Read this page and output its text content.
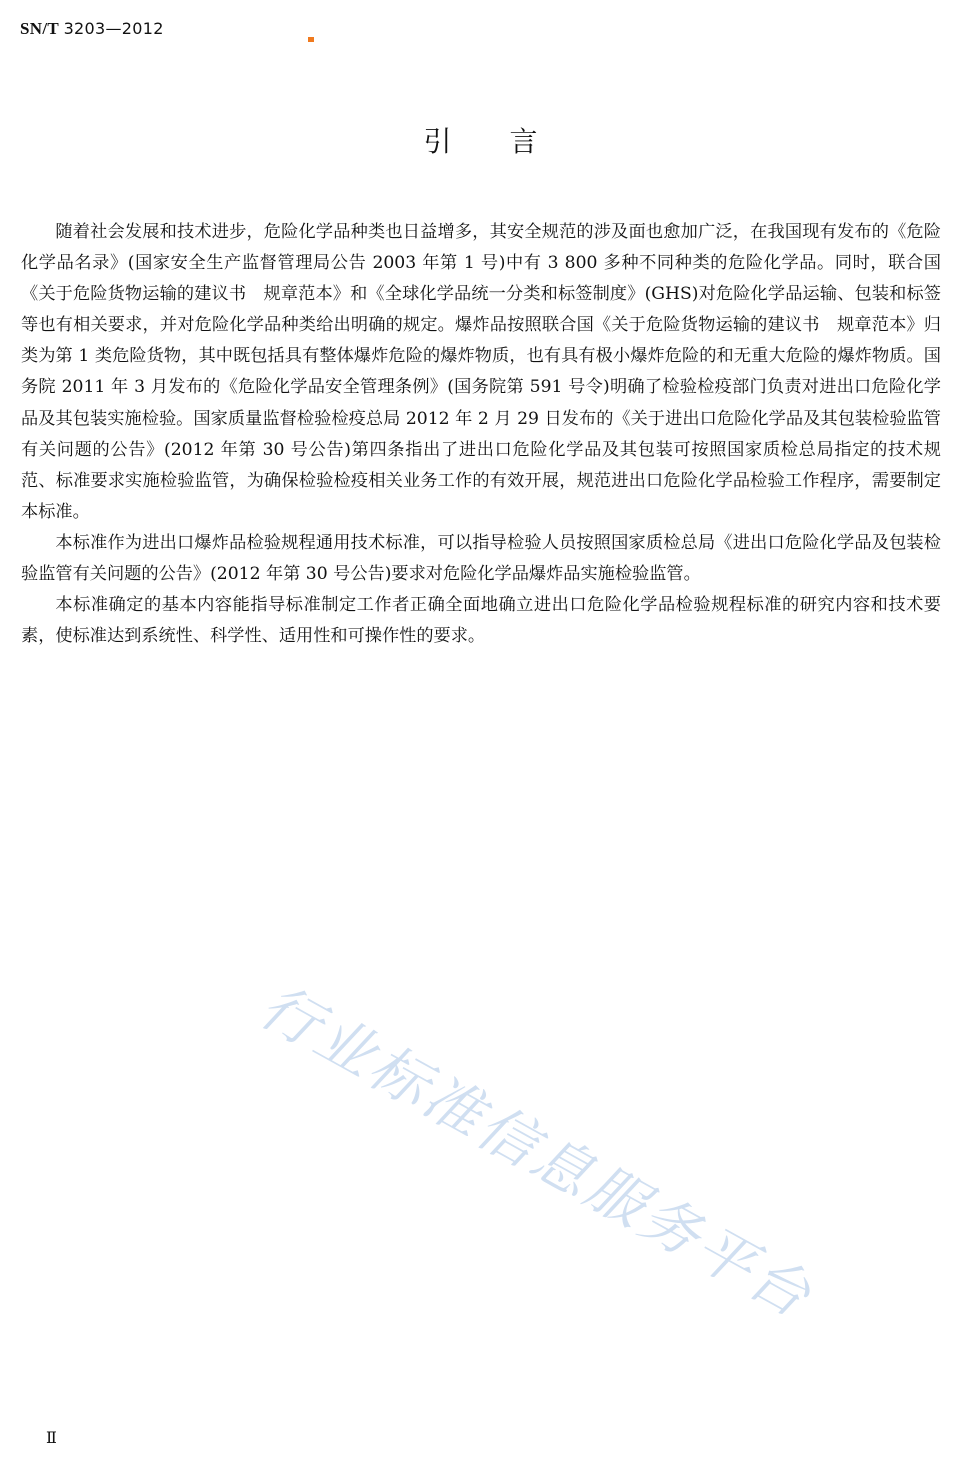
SN/T 3203—2012
引言

随着社会发展和技术进步，危险化学品种类也日益增多，其安全规范的涉及面也愈加广泛，在我国现有发布的《危险化学品名录》(国家安全生产监督管理局公告 2003 年第 1 号)中有 3 800 多种不同种类的危险化学品。同时，联合国《关于危险货物运输的建议书　规章范本》和《全球化学品统一分类和标签制度》(GHS)对危险化学品运输、包装和标签等也有相关要求，并对危险化学品种类给出明确的规定。爆炸品按照联合国《关于危险货物运输的建议书　规章范本》归类为第 1 类危险货物，其中既包括具有整体爆炸危险的爆炸物质，也有具有极小爆炸危险的和无重大危险的爆炸物质。国务院 2011 年 3 月发布的《危险化学品安全管理条例》(国务院第 591 号令)明确了检验检疫部门负责对进出口危险化学品及其包装实施检验。国家质量监督检验检疫总局 2012 年 2 月 29 日发布的《关于进出口危险化学品及其包装检验监管有关问题的公告》(2012 年第 30 号公告)第四条指出了进出口危险化学品及其包装可按照国家质检总局指定的技术规范、标准要求实施检验监管，为确保检验检疫相关业务工作的有效开展，规范进出口危险化学品检验工作程序，需要制定本标准。

本标准作为进出口爆炸品检验规程通用技术标准，可以指导检验人员按照国家质检总局《进出口危险化学品及包装检验监管有关问题的公告》(2012 年第 30 号公告)要求对危险化学品爆炸品实施检验监管。

本标准确定的基本内容能指导标准制定工作者正确全面地确立进出口危险化学品检验规程标准的研究内容和技术要素，使标准达到系统性、科学性、适用性和可操作性的要求。

行业标准信息服务平台
Ⅱ
